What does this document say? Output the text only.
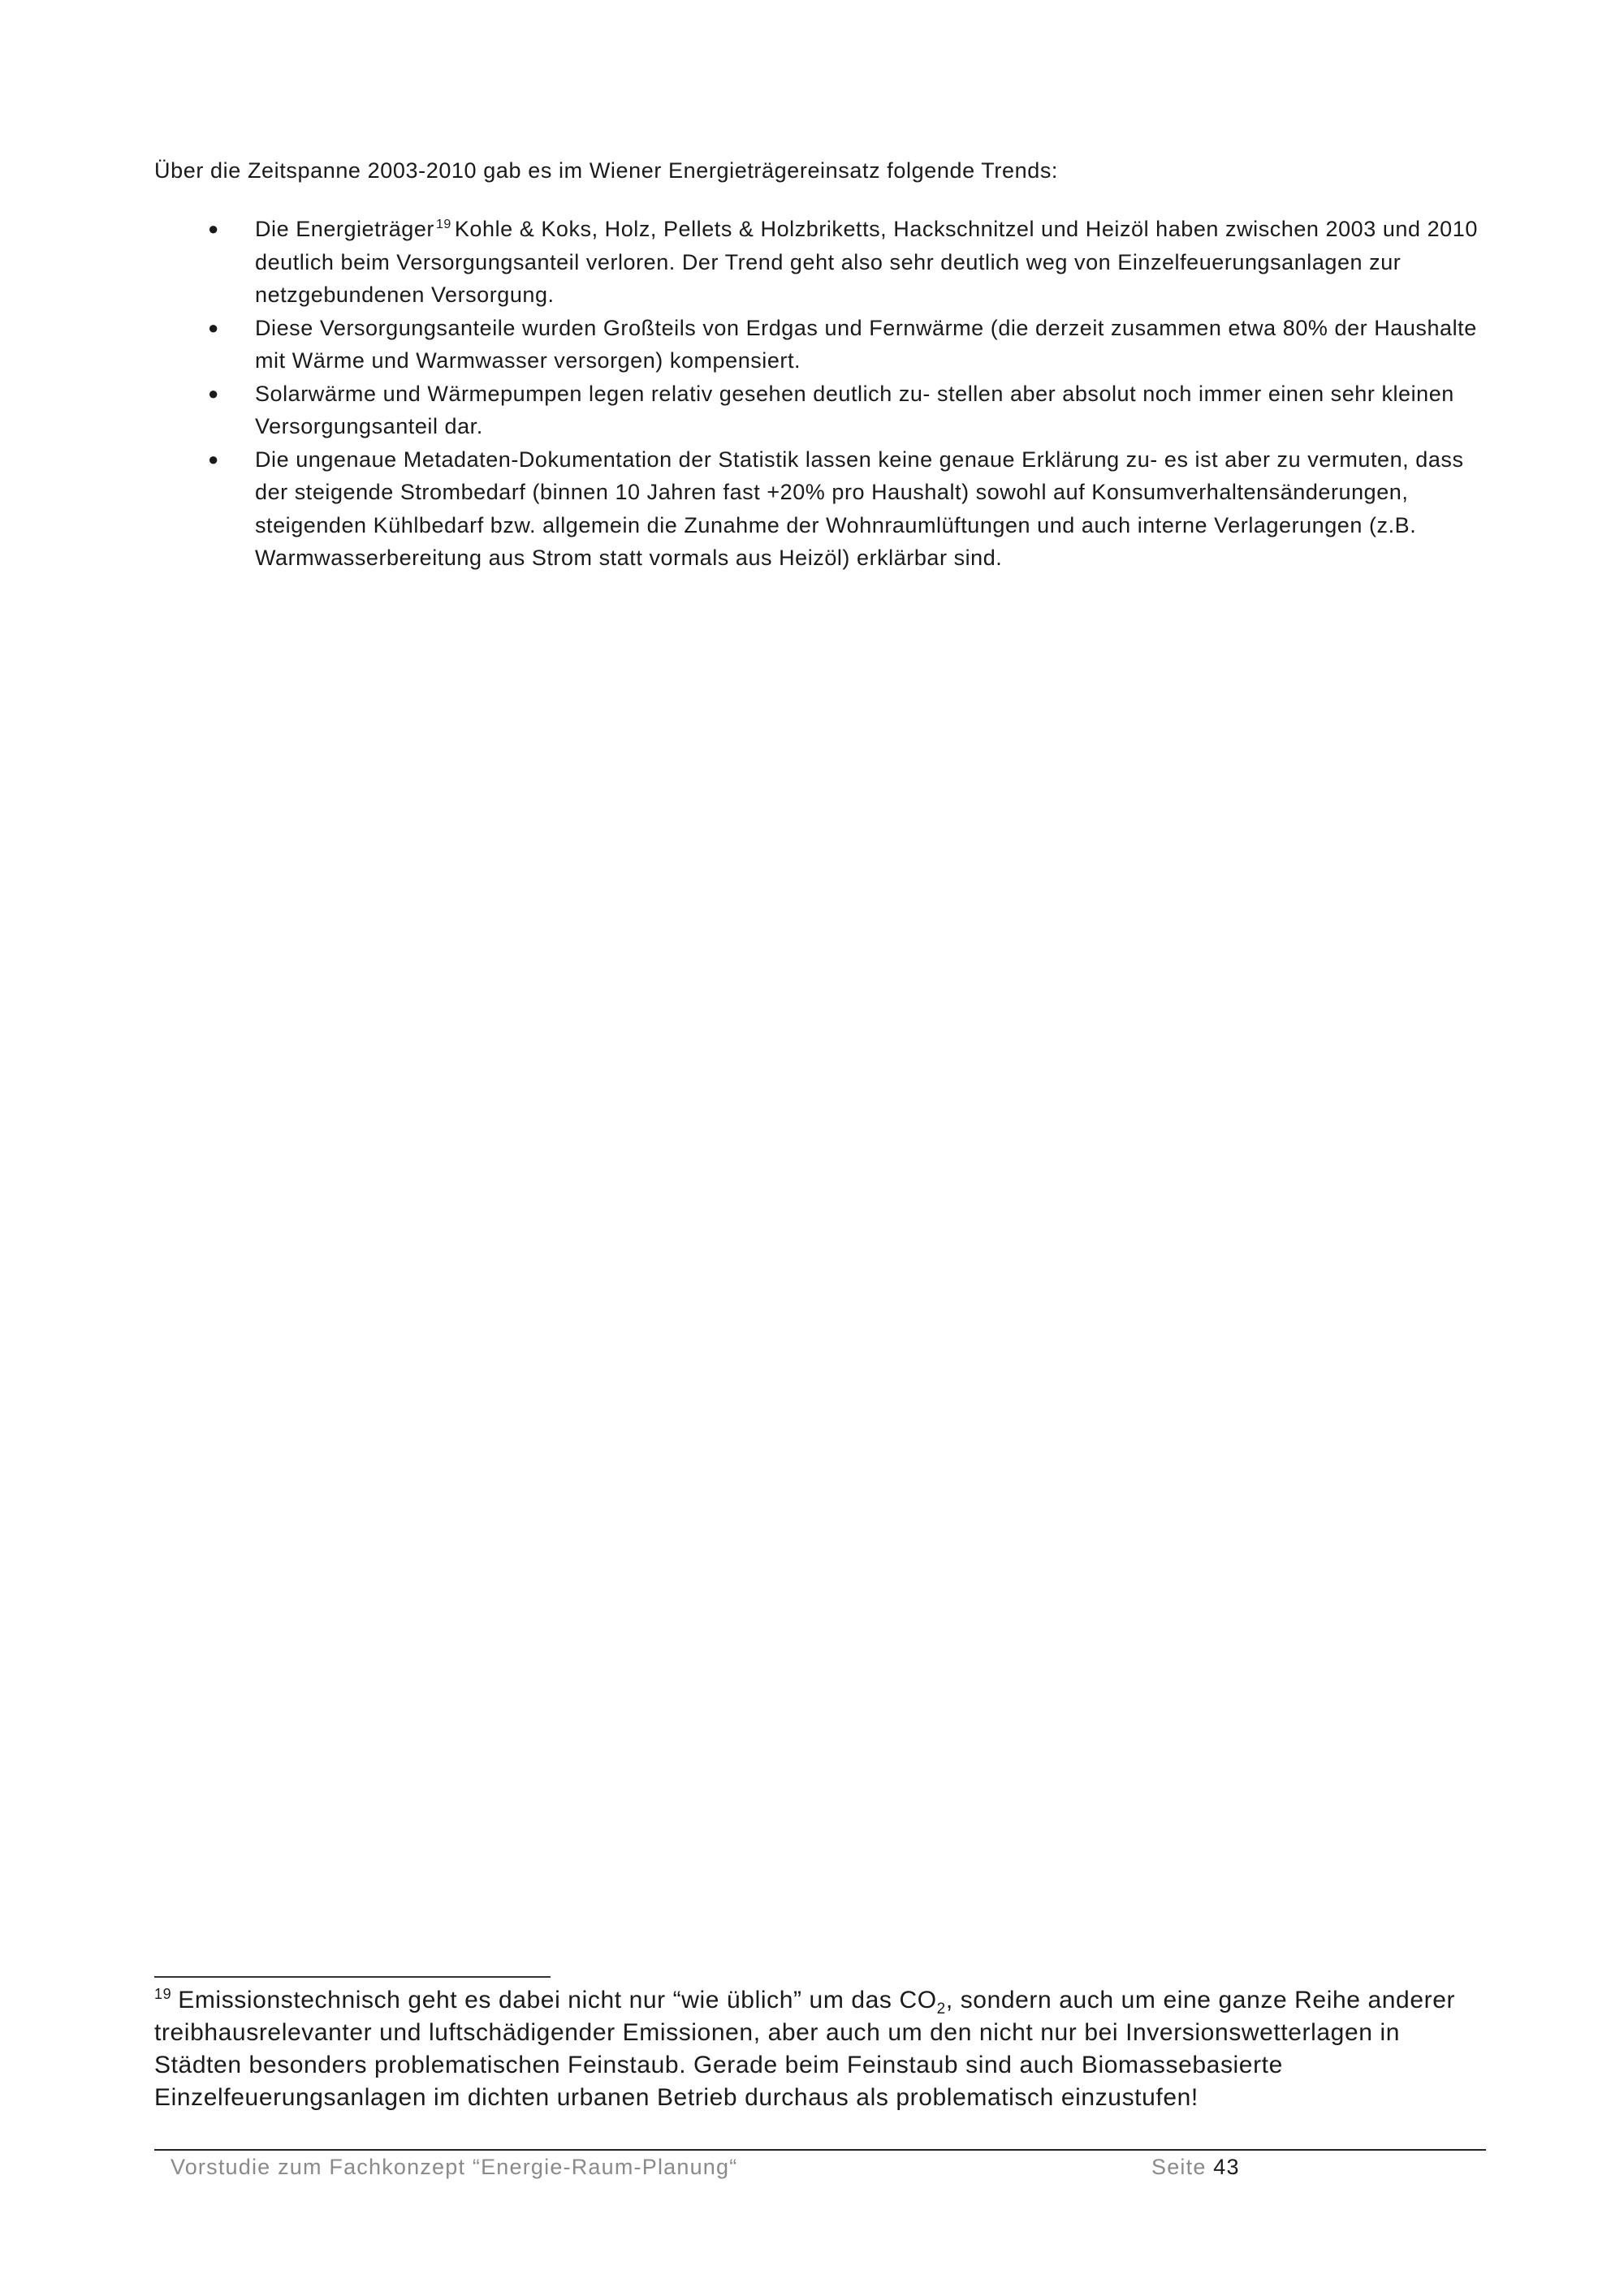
Über die Zeitspanne 2003-2010 gab es im Wiener Energieträgereinsatz folgende Trends:

● Die Energieträger $^{19}$ Kohle & Koks, Holz, Pellets & Holzbriketts, Hackschnitzel und Heizöl haben zwischen 2003 und 2010 deutlich beim Versorgungsanteil verloren. Der Trend geht also sehr deutlich weg von Einzelfeuerungsanlagen zur netzgebundenen Versorgung.
● Diese Versorgungsanteile wurden Großteils von Erdgas und Fernwärme (die derzeit zusammen etwa 80% der Haushalte mit Wärme und Warmwasser versorgen) kompensiert.
● Solarwärme und Wärmepumpen legen relativ gesehen deutlich zu- stellen aber absolut noch immer einen sehr kleinen Versorgungsanteil dar.
● Die ungenaue Metadaten-Dokumentation der Statistik lassen keine genaue Erklärung zu- es ist aber zu vermuten, dass der steigende Strombedarf (binnen 10 Jahren fast +20% pro Haushalt) sowohl auf Konsumverhaltensänderungen, steigenden Kühlbedarf bzw. allgemein die Zunahme der Wohnraumlüftungen und auch interne Verlagerungen (z.B. Warmwasserbereitung aus Strom statt vormals aus Heizöl) erklärbar sind.

$^{19}$ Emissionstechnisch geht es dabei nicht nur “wie üblich” um das $CO_2$, sondern auch um eine ganze Reihe anderer treibhausrelevanter und luftschädigender Emissionen, aber auch um den nicht nur bei Inversionswetterlagen in Städten besonders problematischen Feinstaub. Gerade beim Feinstaub sind auch Biomassebasierte Einzelfeuerungsanlagen im dichten urbanen Betrieb durchaus als problematisch einzustufen!

Vorstudie zum Fachkonzept “Energie-Raum-Planung“	Seite 43
